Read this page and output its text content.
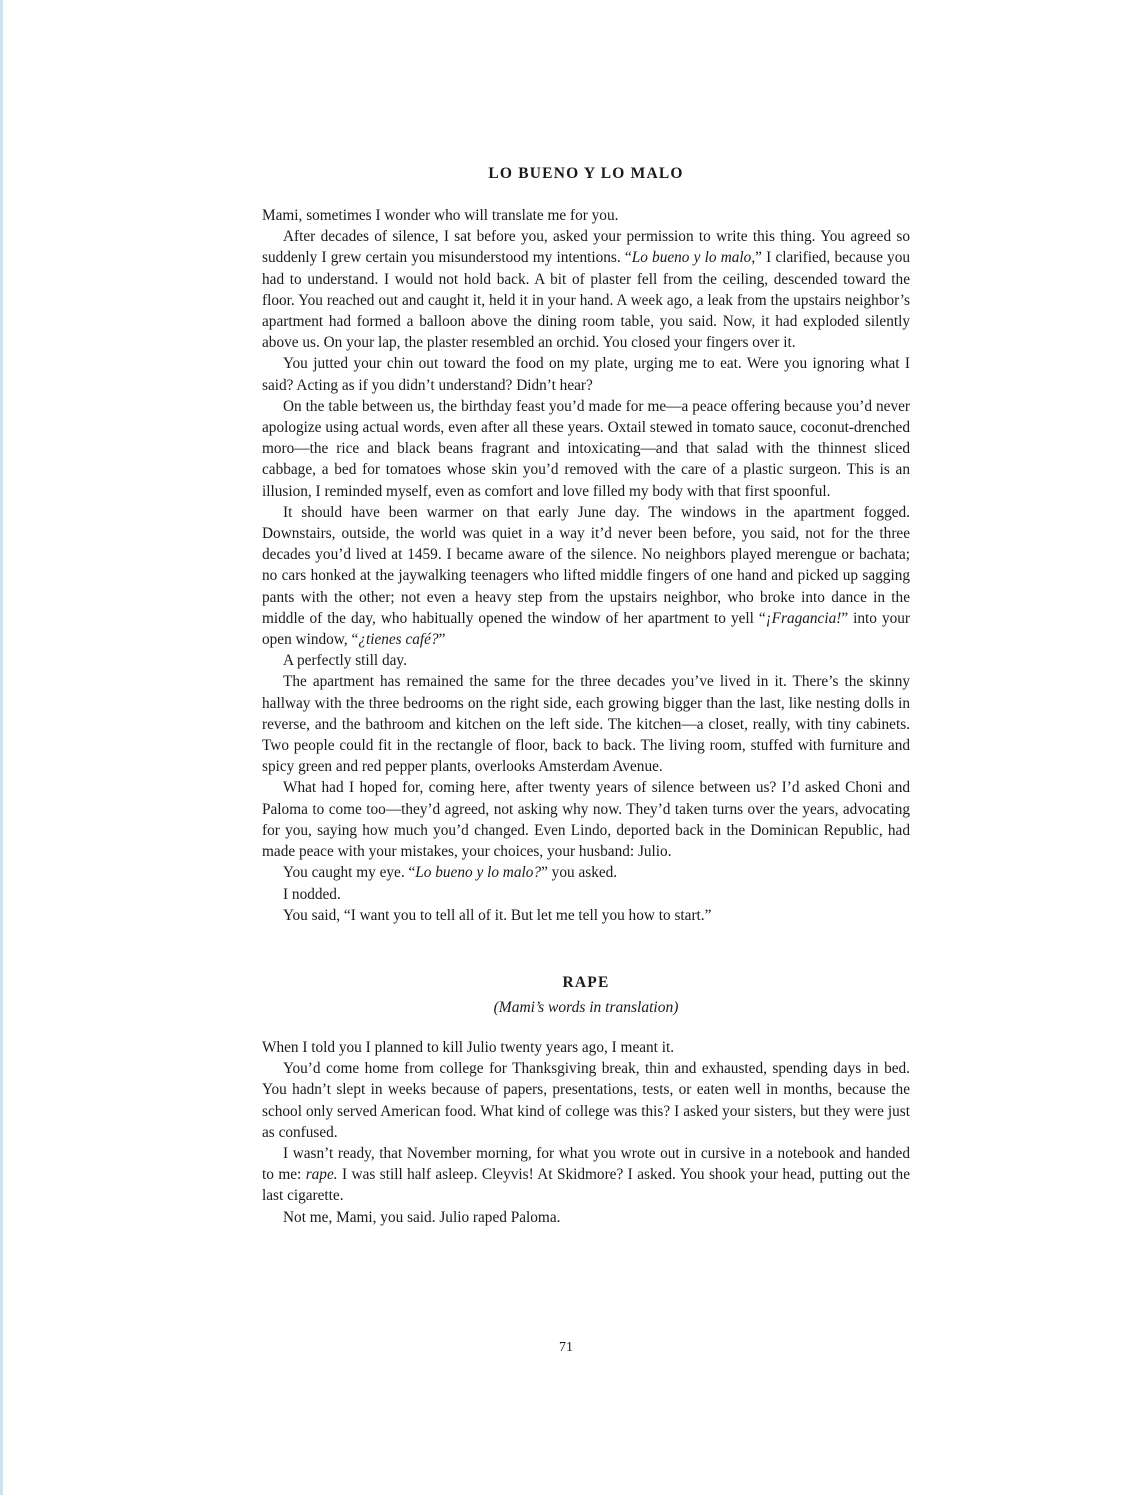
LO BUENO Y LO MALO

Mami, sometimes I wonder who will translate me for you.

After decades of silence, I sat before you, asked your permission to write this thing. You agreed so suddenly I grew certain you misunderstood my intentions. “Lo bueno y lo malo,” I clarified, because you had to understand. I would not hold back. A bit of plaster fell from the ceiling, descended toward the floor. You reached out and caught it, held it in your hand. A week ago, a leak from the upstairs neighbor’s apartment had formed a balloon above the dining room table, you said. Now, it had exploded silently above us. On your lap, the plaster resembled an orchid. You closed your fingers over it.

You jutted your chin out toward the food on my plate, urging me to eat. Were you ignoring what I said? Acting as if you didn’t understand? Didn’t hear?

On the table between us, the birthday feast you’d made for me—a peace offering because you’d never apologize using actual words, even after all these years. Oxtail stewed in tomato sauce, coconut-drenched moro—the rice and black beans fragrant and intoxicating—and that salad with the thinnest sliced cabbage, a bed for tomatoes whose skin you’d removed with the care of a plastic surgeon. This is an illusion, I reminded myself, even as comfort and love filled my body with that first spoonful.

It should have been warmer on that early June day. The windows in the apartment fogged. Downstairs, outside, the world was quiet in a way it’d never been before, you said, not for the three decades you’d lived at 1459. I became aware of the silence. No neighbors played merengue or bachata; no cars honked at the jaywalking teenagers who lifted middle fingers of one hand and picked up sagging pants with the other; not even a heavy step from the upstairs neighbor, who broke into dance in the middle of the day, who habitually opened the window of her apartment to yell “¡Fragancia!” into your open window, “¿tienes café?”

A perfectly still day.

The apartment has remained the same for the three decades you’ve lived in it. There’s the skinny hallway with the three bedrooms on the right side, each growing bigger than the last, like nesting dolls in reverse, and the bathroom and kitchen on the left side. The kitchen—a closet, really, with tiny cabinets. Two people could fit in the rectangle of floor, back to back. The living room, stuffed with furniture and spicy green and red pepper plants, overlooks Amsterdam Avenue.

What had I hoped for, coming here, after twenty years of silence between us? I’d asked Choni and Paloma to come too—they’d agreed, not asking why now. They’d taken turns over the years, advocating for you, saying how much you’d changed. Even Lindo, deported back in the Dominican Republic, had made peace with your mistakes, your choices, your husband: Julio.

You caught my eye. “Lo bueno y lo malo?” you asked.

I nodded.

You said, “I want you to tell all of it. But let me tell you how to start.”

RAPE

(Mami’s words in translation)

When I told you I planned to kill Julio twenty years ago, I meant it.

You’d come home from college for Thanksgiving break, thin and exhausted, spending days in bed. You hadn’t slept in weeks because of papers, presentations, tests, or eaten well in months, because the school only served American food. What kind of college was this? I asked your sisters, but they were just as confused.

I wasn’t ready, that November morning, for what you wrote out in cursive in a notebook and handed to me: rape. I was still half asleep. Cleyvis! At Skidmore? I asked. You shook your head, putting out the last cigarette.

Not me, Mami, you said. Julio raped Paloma.

71
